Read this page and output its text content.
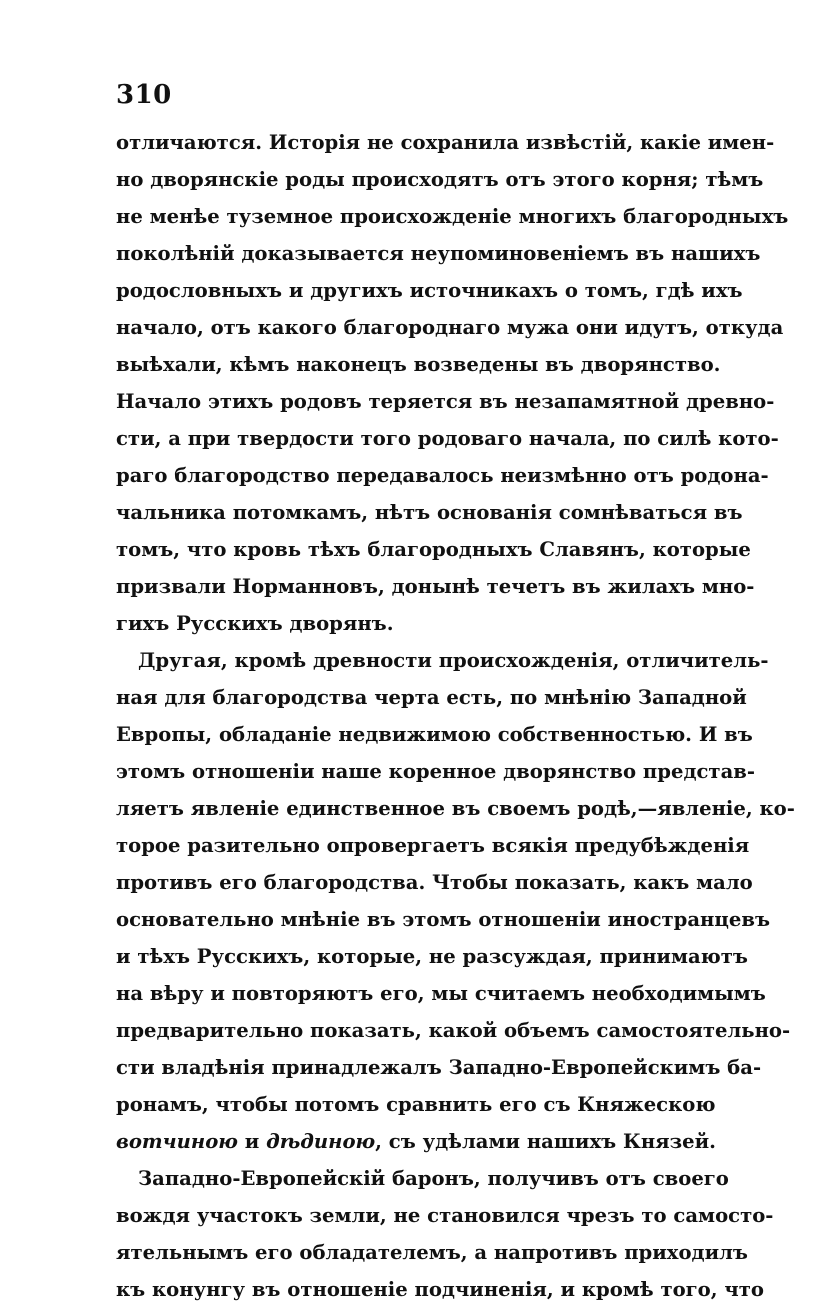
310
отличаются. Исторія не сохранила извѣстій, какіе имен-
но дворянскіе роды происходятъ отъ этого корня; тѣмъ
не менѣе туземное происхожденіе многихъ благородныхъ
поколѣній доказывается неупоминовеніемъ въ нашихъ
родословныхъ и другихъ источникахъ о томъ, гдѣ ихъ
начало, отъ какого благороднаго мужа они идутъ, откуда
выѣхали, кѣмъ наконецъ возведены въ дворянство.
Начало этихъ родовъ теряется въ незапамятной древно-
сти, а при твердости того родоваго начала, по силѣ кото-
раго благородство передавалось неизмѣнно отъ родона-
чальника потомкамъ, нѣтъ основанія сомнѣваться въ
томъ, что кровь тѣхъ благородныхъ Славянъ, которые
призвали Норманновъ, донынѣ течетъ въ жилахъ мно-
гихъ Русскихъ дворянъ.
Другая, кромѣ древности происхожденія, отличитель-
ная для благородства черта есть, по мнѣнію Западной
Европы, обладаніе недвижимою собственностью. И въ
этомъ отношеніи наше коренное дворянство представ-
ляетъ явленіе единственное въ своемъ родѣ,—явленіе, ко-
торое разительно опровергаетъ всякія предубѣжденія
противъ его благородства. Чтобы показать, какъ мало
основательно мнѣніе въ этомъ отношеніи иностранцевъ
и тѣхъ Русскихъ, которые, не разсуждая, принимаютъ
на вѣру и повторяютъ его, мы считаемъ необходимымъ
предварительно показать, какой объемъ самостоятельно-
сти владѣнія принадлежалъ Западно-Европейскимъ ба-
ронамъ, чтобы потомъ сравнить его съ Княжескою
вотчиною и дѣдиною, съ удѣлами нашихъ Князей.
Западно-Европейскій баронъ, получивъ отъ своего
вождя участокъ земли, не становился чрезъ то самосто-
ятельнымъ его обладателемъ, а напротивъ приходилъ
къ конунгу въ отношеніе подчиненія, и кромѣ того, что
